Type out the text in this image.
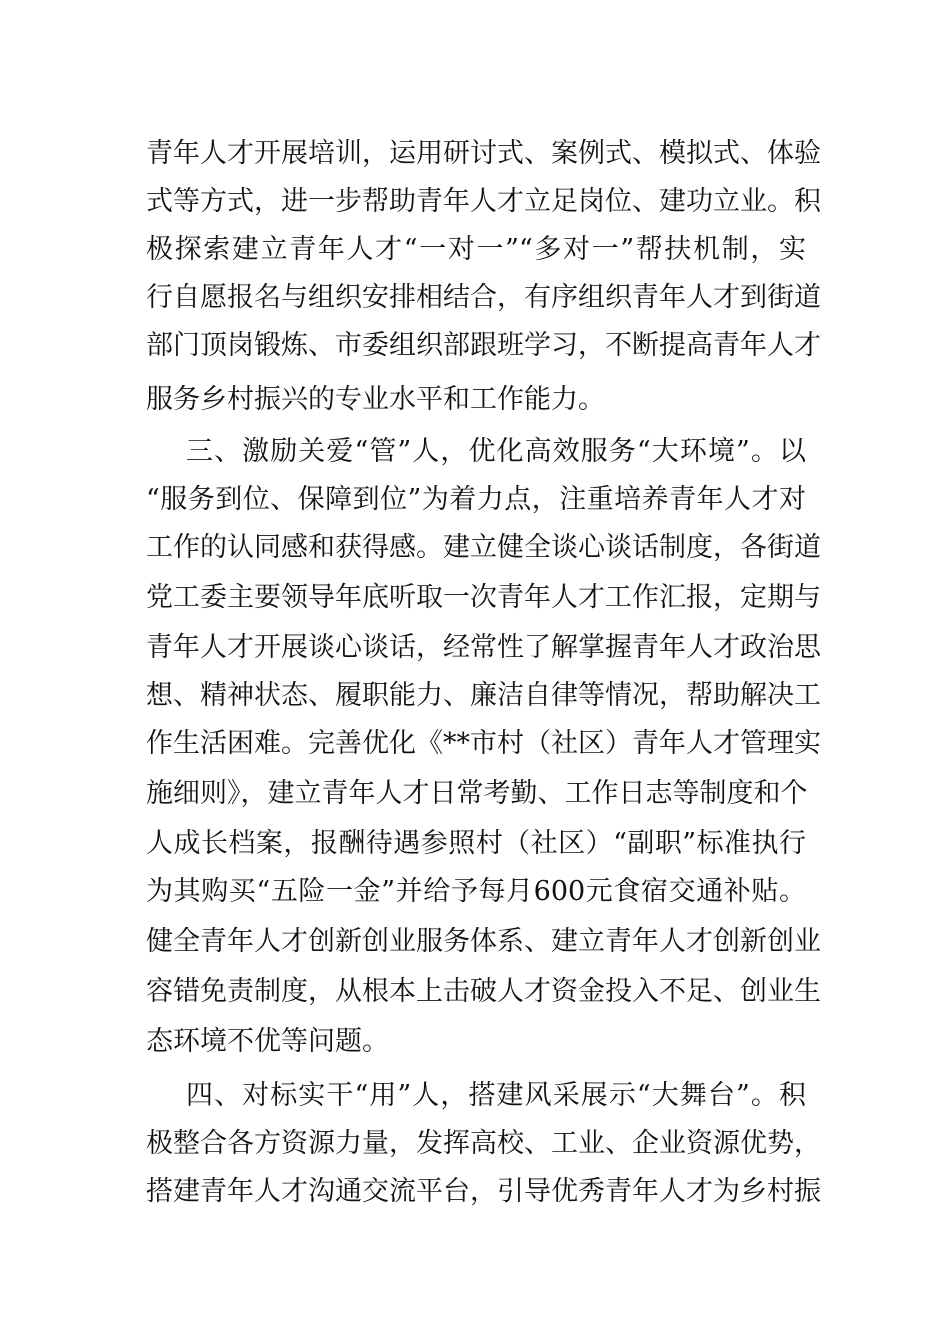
青年人才开展培训，运用研讨式、案例式、模拟式、体验
式等方式，进一步帮助青年人才立足岗位、建功立业。积
极探索建立青年人才“一对一”“多对一”帮扶机制，实
行自愿报名与组织安排相结合，有序组织青年人才到街道
部门顶岗锻炼、市委组织部跟班学习，不断提高青年人才
服务乡村振兴的专业水平和工作能力。
三、激励关爱“管”人，优化高效服务“大环境”。以
“服务到位、保障到位”为着力点，注重培养青年人才对
工作的认同感和获得感。建立健全谈心谈话制度，各街道
党工委主要领导年底听取一次青年人才工作汇报，定期与
青年人才开展谈心谈话，经常性了解掌握青年人才政治思
想、精神状态、履职能力、廉洁自律等情况，帮助解决工
作生活困难。完善优化《**市村（社区）青年人才管理实
施细则》，建立青年人才日常考勤、工作日志等制度和个
人成长档案，报酬待遇参照村（社区）“副职”标准执行
为其购买“五险一金”并给予每月600元食宿交通补贴。
健全青年人才创新创业服务体系、建立青年人才创新创业
容错免责制度，从根本上击破人才资金投入不足、创业生
态环境不优等问题。
四、对标实干“用”人，搭建风采展示“大舞台”。积
极整合各方资源力量，发挥高校、工业、企业资源优势，
搭建青年人才沟通交流平台，引导优秀青年人才为乡村振
